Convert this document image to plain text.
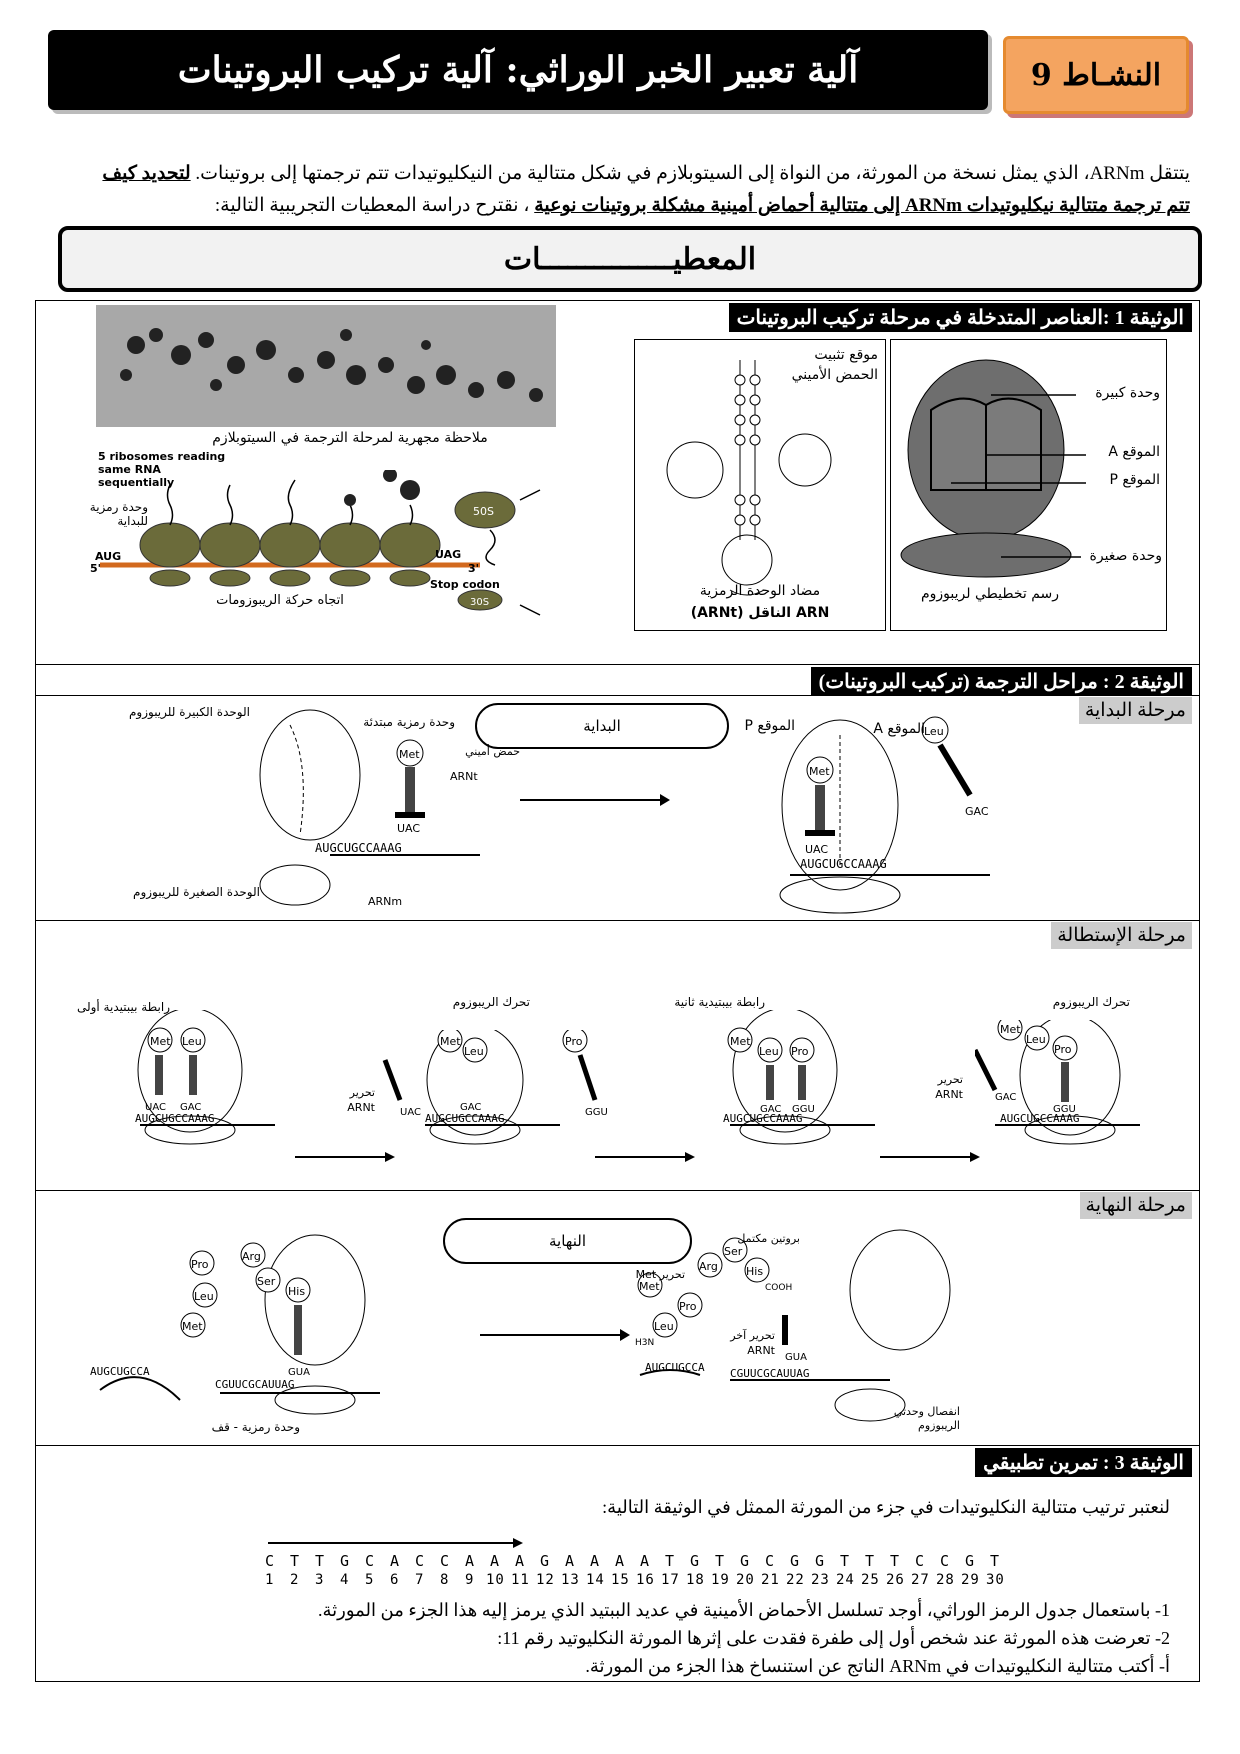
آلية تعبير الخبر الوراثي: آلية تركيب البروتينات	النشـاط 9
يتتقل ARNm، الذي يمثل نسخة من المورثة، من النواة إلى السيتوبلازم في شكل متتالية من النيكليوتيدات تتم ترجمتها إلى بروتينات. لتحديد كيف
تتم ترجمة متتالية نيكليوتيدات ARNm إلى متتالية أحماض أمينية مشكلة بروتينات نوعية ، نقترح دراسة المعطيات التجريبية التالية:
المعطيـــــــــــــــات
الوثيقة 1 :العناصر المتدخلة في مرحلة تركيب البروتينات
ملاحظة مجهرية لمرحلة الترجمة في السيتوبلازم
5 ribosomes reading same RNA sequentially
وحدة رمزية للبداية
AUG
5'
UAG
3'
Stop codon
50S
30S
اتجاه حركة الريبوزومات
موقع تثبيت الحمض الأميني
مضاد الوحدة الرمزية
ARN الناقل (ARNt)
وحدة كبيرة
الموقع A
الموقع P
وحدة صغيرة
رسم تخطيطي لريبوزوم
الوثيقة 2 : مراحل الترجمة (تركيب البروتينات)
مرحلة البداية
الوحدة الكبيرة للريبوزوم
وحدة رمزية مبتدئة
حمض أميني
الوحدة الصغيرة للريبوزوم
Met
UAC
ARNt
AUGCUGCCAAAG
ARNm
البداية
Met
UAC
AUGCUGCCAAAG
Leu
GAC
الموقع P	الموقع A
مرحلة الإستطالة
رابطة بيبتيدية أولى	تحرك الريبوزوم	رابطة بيبتيدية ثانية	تحرك الريبوزوم
تحرير ARNt
تحرير ARNt
Met Leu
UAC GAC
AUGCUGCCAAAG
Met
Leu
Pro
GGU
UAC	GAC
AUGCUGCCAAAG
Met
Leu Pro
GAC GGU
AUGCUGCCAAAG
Met
Leu
Pro
GGU
GAC
AUGCUGCCAAAG
مرحلة النهاية
النهاية
Pro
Leu
Met
Arg
Ser
His
GUA
CGUUCGCAUUAG
AUGCUGCCA
وحدة رمزية - قف
Met
Pro
Leu
Arg
Ser
His
H3N
COOH
GUA
AUGCUGCCA CGUUCGCAUUAG
بروتين مكتمل
تحرير Met
تحرير آخر ARNt
انفصال وحدتي الريبوزوم
الوثيقة 3 : تمرين تطبيقي
لنعتبر ترتيب متتالية النكليوتيدات في جزء من المورثة الممثل في الوثيقة التالية:
C T T G C A C C A A A G A A A A T G T G C G G T T T C C G T
1 2 3 4 5 6 7 8 9 10 11 12 13 14 15 16 17 18 19 20 21 22 23 24 25 26 27 28 29 30
1- باستعمال جدول الرمز الوراثي، أوجد تسلسل الأحماض الأمينية في عديد الببتيد الذي يرمز إليه هذا الجزء من المورثة.
2- تعرضت هذه المورثة عند شخص أول إلى طفرة فقدت على إثرها المورثة النكليوتيد رقم 11:
أ- أكتب متتالية النكليوتيدات في ARNm الناتج عن استنساخ هذا الجزء من المورثة.
